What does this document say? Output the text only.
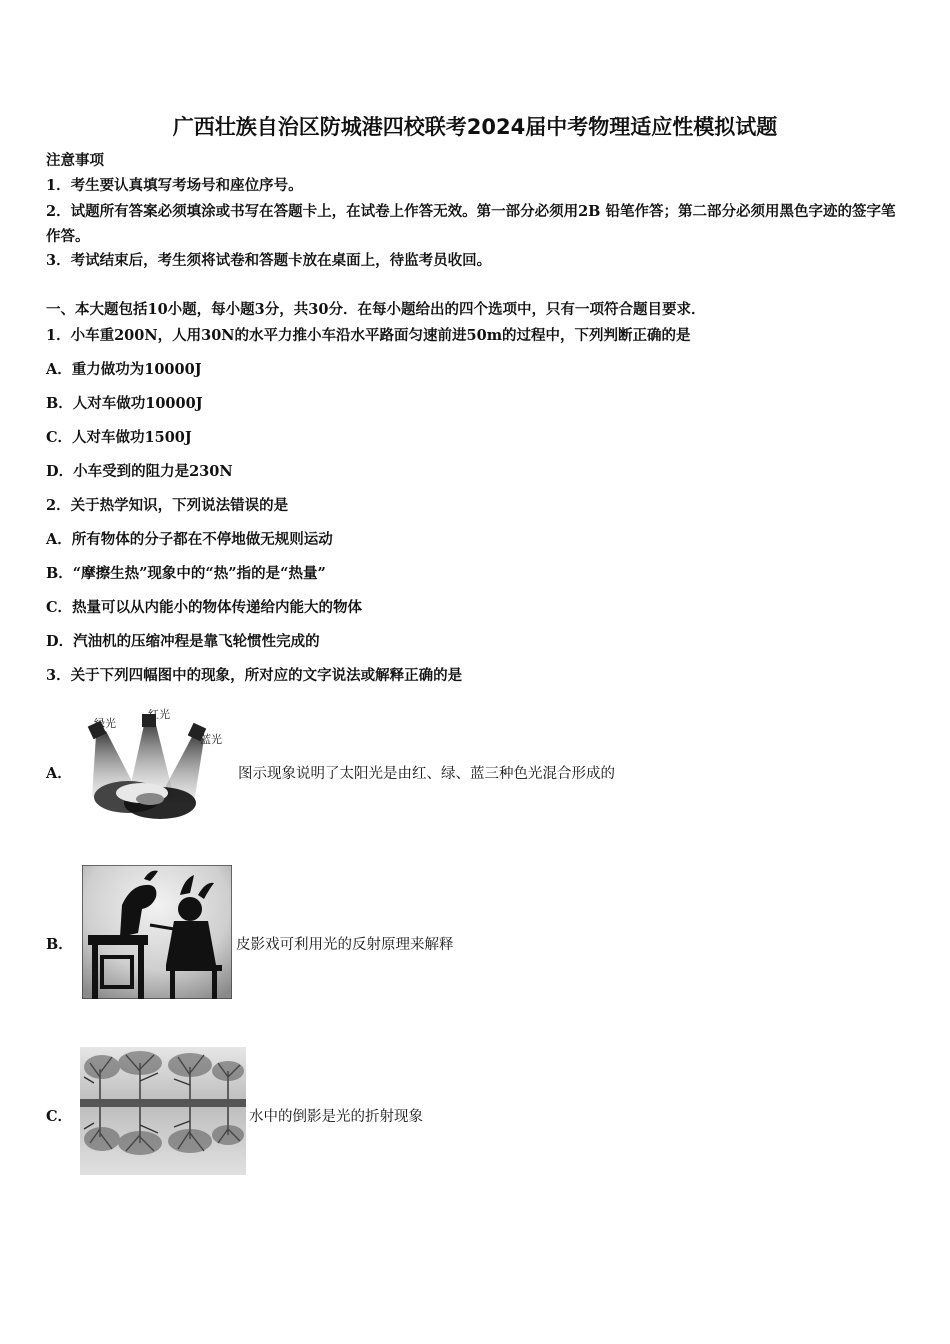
广西壮族自治区防城港四校联考2024届中考物理适应性模拟试题
注意事项
1．考生要认真填写考场号和座位序号。
2．试题所有答案必须填涂或书写在答题卡上，在试卷上作答无效。第一部分必须用2B 铅笔作答；第二部分必须用黑色字迹的签字笔作答。
3．考试结束后，考生须将试卷和答题卡放在桌面上，待监考员收回。
一、本大题包括10小题，每小题3分，共30分．在每小题给出的四个选项中，只有一项符合题目要求．
1．小车重200N，人用30N的水平力推小车沿水平路面匀速前进50m的过程中，下列判断正确的是
A．重力做功为10000J
B．人对车做功10000J
C．人对车做功1500J
D．小车受到的阻力是230N
2．关于热学知识，下列说法错误的是
A．所有物体的分子都在不停地做无规则运动
B．“摩擦生热”现象中的“热”指的是“热量”
C．热量可以从内能小的物体传递给内能大的物体
D．汽油机的压缩冲程是靠飞轮惯性完成的
3．关于下列四幅图中的现象，所对应的文字说法或解释正确的是
A．
绿光
红光
蓝光
图示现象说明了太阳光是由红、绿、蓝三种色光混合形成的
B．	皮影戏可利用光的反射原理来解释
C．	水中的倒影是光的折射现象
